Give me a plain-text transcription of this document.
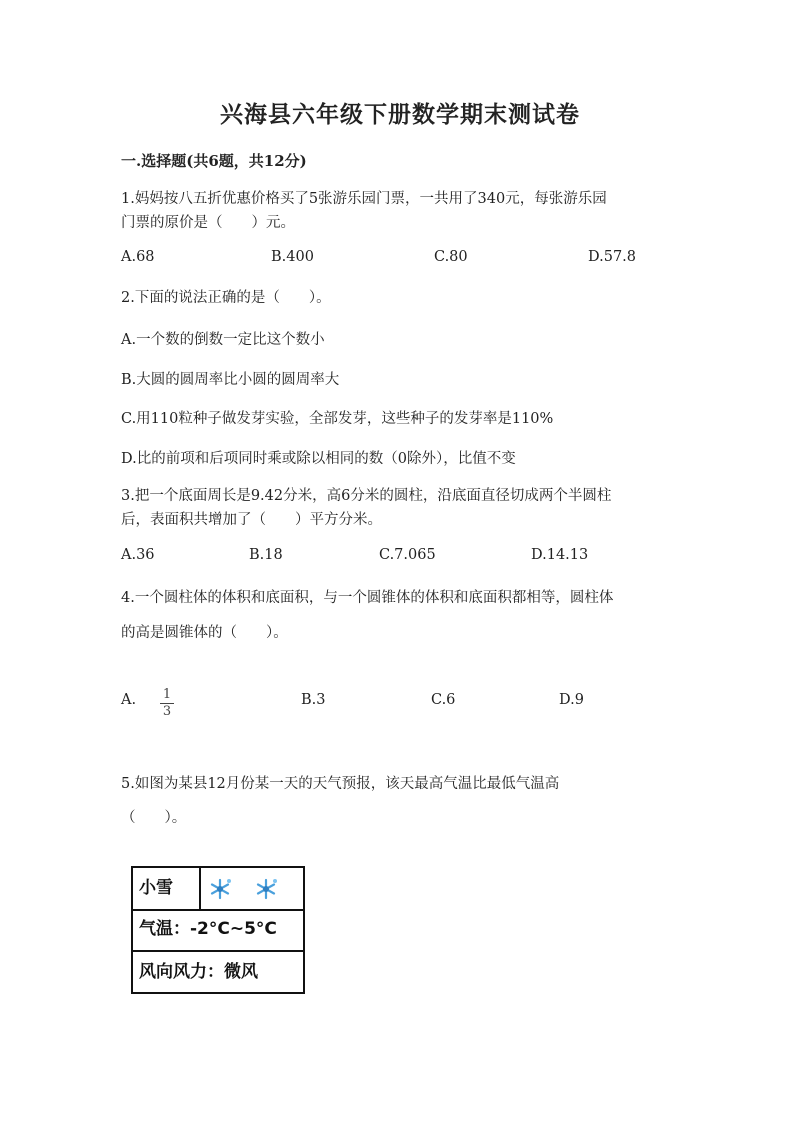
兴海县六年级下册数学期末测试卷
一.选择题(共6题，共12分)
1.妈妈按八五折优惠价格买了5张游乐园门票，一共用了340元，每张游乐园
门票的原价是（　　）元。
A.68	B.400	C.80	D.57.8
2.下面的说法正确的是（　　）。
A.一个数的倒数一定比这个数小
B.大圆的圆周率比小圆的圆周率大
C.用110粒种子做发芽实验，全部发芽，这些种子的发芽率是110%
D.比的前项和后项同时乘或除以相同的数（0除外），比值不变
3.把一个底面周长是9.42分米，高6分米的圆柱，沿底面直径切成两个半圆柱
后，表面积共增加了（　　）平方分米。
A.36	B.18	C.7.065	D.14.13
4.一个圆柱体的体积和底面积，与一个圆锥体的体积和底面积都相等，圆柱体
的高是圆锥体的（　　）。
A. 1
3
B.3	C.6	D.9
5.如图为某县12月份某一天的天气预报，该天最高气温比最低气温高
（　　）。
小雪
气温：-2°C~5°C
风向风力：微风
